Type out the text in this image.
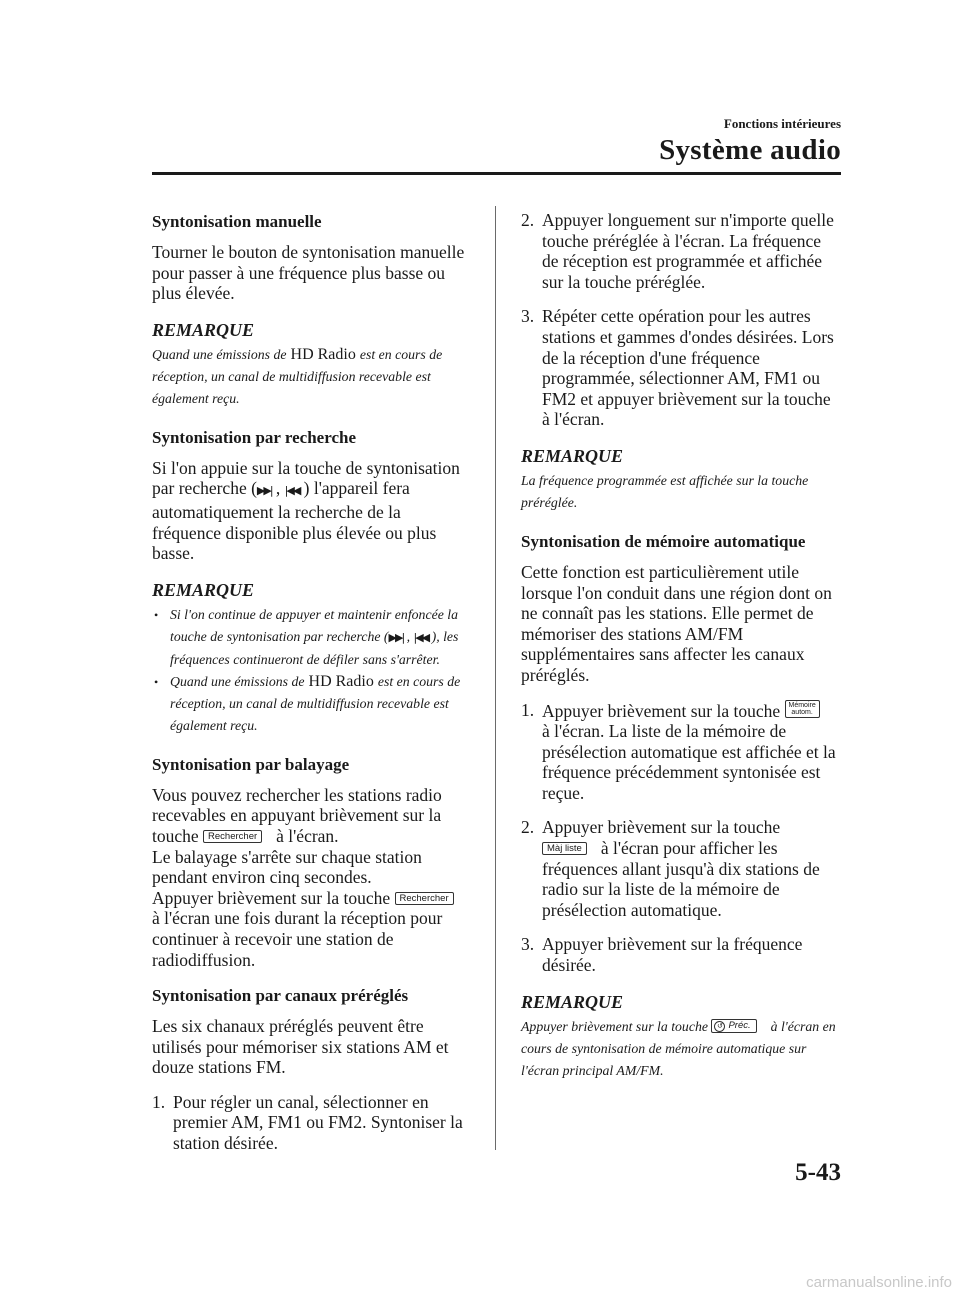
Fonctions intérieures
Système audio
Syntonisation manuelle
Tourner le bouton de syntonisation manuelle pour passer à une fréquence plus basse ou plus élevée.
REMARQUE
Quand une émissions de HD Radio est en cours de réception, un canal de multidiffusion recevable est également reçu.
Syntonisation par recherche
Si l'on appuie sur la touche de syntonisation par recherche (▶▶| , |◀◀ ) l'appareil fera automatiquement la recherche de la fréquence disponible plus élevée ou plus basse.
REMARQUE
• Si l'on continue de appuyer et maintenir enfoncée la touche de syntonisation par recherche (▶▶| , |◀◀ ), les fréquences continueront de défiler sans s'arrêter.
• Quand une émissions de HD Radio est en cours de réception, un canal de multidiffusion recevable est également reçu.
Syntonisation par balayage
Vous pouvez rechercher les stations radio recevables en appuyant brièvement sur la touche Rechercher à l'écran.
Le balayage s'arrête sur chaque station pendant environ cinq secondes.
Appuyer brièvement sur la touche Rechercherà l'écran une fois durant la réception pour continuer à recevoir une station de radiodiffusion.
Syntonisation par canaux préréglés
Les six chanaux préréglés peuvent être utilisés pour mémoriser six stations AM et douze stations FM.
1. Pour régler un canal, sélectionner en premier AM, FM1 ou FM2. Syntoniser la station désirée.
2. Appuyer longuement sur n'importe quelle touche préréglée à l'écran. La fréquence de réception est programmée et affichée sur la touche préréglée.
3. Répéter cette opération pour les autres stations et gammes d'ondes désirées. Lors de la réception d'une fréquence programmée, sélectionner AM, FM1 ou FM2 et appuyer brièvement sur la touche à l'écran.
REMARQUE
La fréquence programmée est affichée sur la touche préréglée.
Syntonisation de mémoire automatique
Cette fonction est particulièrement utile lorsque l'on conduit dans une région dont on ne connaît pas les stations. Elle permet de mémoriser des stations AM/FM supplémentaires sans affecter les canaux préréglés.
1. Appuyer brièvement sur la touche Mémoire
autom.à l'écran. La liste de la mémoire de présélection automatique est affichée et la fréquence précédemment syntonisée est reçue.
2. Appuyer brièvement sur la touche Màj liste à l'écran pour afficher les fréquences allant jusqu'à dix stations de radio sur la liste de la mémoire de présélection automatique.
3. Appuyer brièvement sur la fréquence désirée.
REMARQUE
Appuyer brièvement sur la touche ↺ Préc. à l'écran en cours de syntonisation de mémoire automatique sur l'écran principal AM/FM.
5-43
carmanualsonline.info
